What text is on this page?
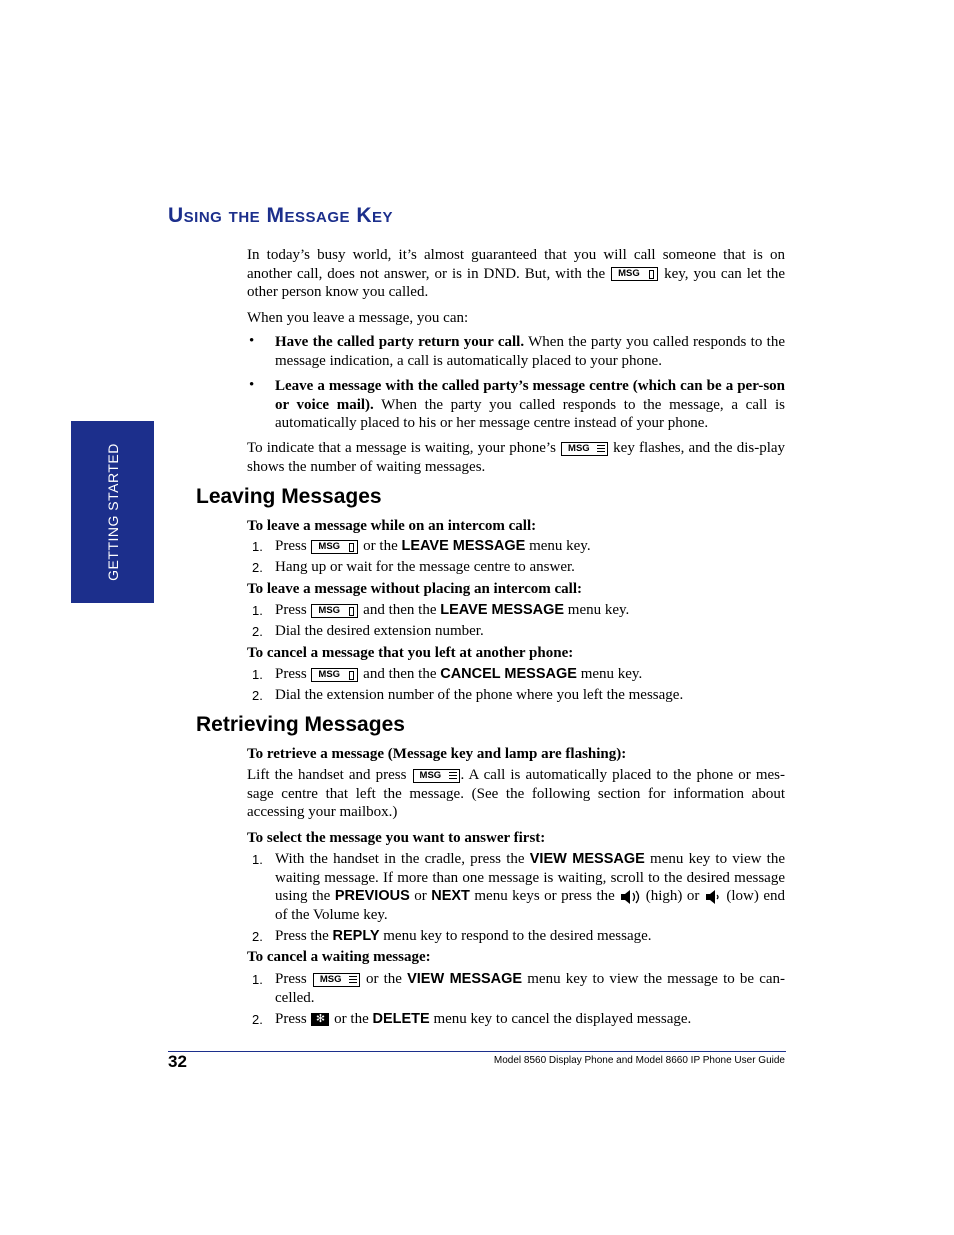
GETTING STARTED
Using the Message Key
In today’s busy world, it’s almost guaranteed that you will call someone that is on another call, does not answer, or is in DND. But, with the MSG key, you can let the other person know you called.
When you leave a message, you can:
• Have the called party return your call. When the party you called responds to the message indication, a call is automatically placed to your phone.
• Leave a message with the called party’s message centre (which can be a per-son or voice mail). When the party you called responds to the message, a call is automatically placed to his or her message centre instead of your phone.
To indicate that a message is waiting, your phone’s MSG key flashes, and the dis-play shows the number of waiting messages.
Leaving Messages
To leave a message while on an intercom call:
1. Press MSG or the LEAVE MESSAGE menu key.
2. Hang up or wait for the message centre to answer.
To leave a message without placing an intercom call:
1. Press MSG and then the LEAVE MESSAGE menu key.
2. Dial the desired extension number.
To cancel a message that you left at another phone:
1. Press MSG and then the CANCEL MESSAGE menu key.
2. Dial the extension number of the phone where you left the message.
Retrieving Messages
To retrieve a message (Message key and lamp are flashing):
Lift the handset and press MSG . A call is automatically placed to the phone or mes-sage centre that left the message. (See the following section for information about accessing your mailbox.)
To select the message you want to answer first:
1. With the handset in the cradle, press the VIEW MESSAGE menu key to view the waiting message. If more than one message is waiting, scroll to the desired message using the PREVIOUS or NEXT menu keys or press the (high) or (low) end of the Volume key.
2. Press the REPLY menu key to respond to the desired message.
To cancel a waiting message:
1. Press MSG or the VIEW MESSAGE menu key to view the message to be can-celled.
2. Press ✻ or the DELETE menu key to cancel the displayed message.
32	Model 8560 Display Phone and Model 8660 IP Phone User Guide
